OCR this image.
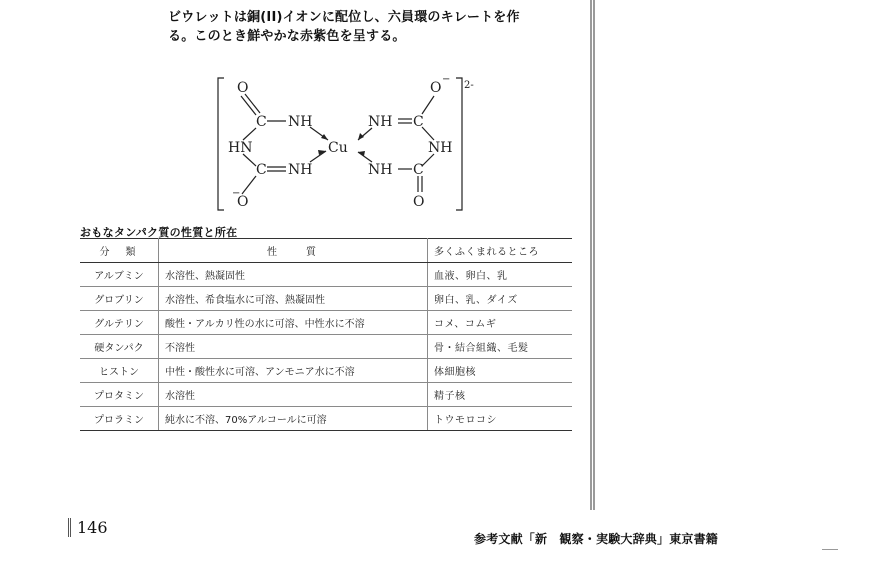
ビウレットは銅(II)イオンに配位し、六員環のキレートを作

る。このとき鮮やかな赤紫色を呈する。

O
C NH
HN
C NH
−
O
Cu
NH C
O
−
NH
NH C
O
2-
おもなタンパク質の性質と所在
分　類	性　　質	多くふくまれるところ
アルブミン	水溶性、熱凝固性	血液、卵白、乳
グロブリン	水溶性、希食塩水に可溶、熱凝固性	卵白、乳、ダイズ
グルテリン	酸性・アルカリ性の水に可溶、中性水に不溶	コメ、コムギ
硬タンパク	不溶性	骨・結合組織、毛髪
ヒストン	中性・酸性水に可溶、アンモニア水に不溶	体細胞核
プロタミン	水溶性	精子核
プロラミン	純水に不溶、70%アルコールに可溶	トウモロコシ
146
参考文献「新　観察・実験大辞典」東京書籍
